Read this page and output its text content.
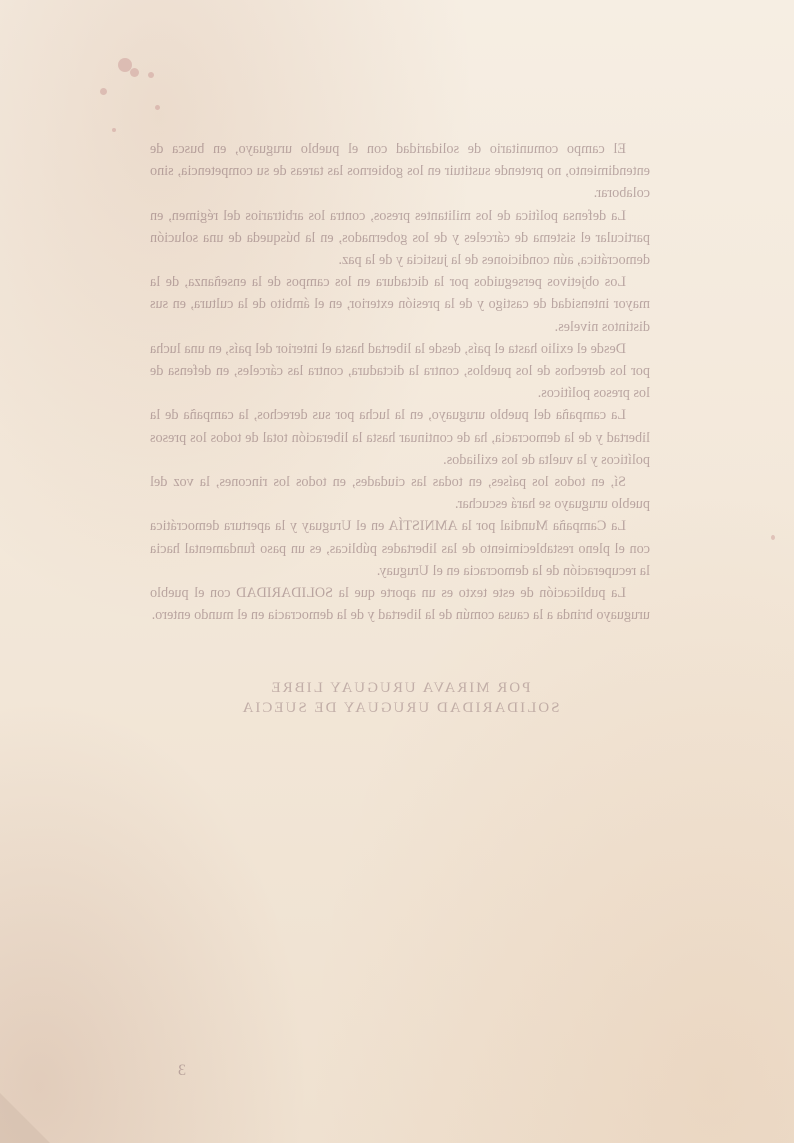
El campo comunitario de solidaridad con el pueblo uruguayo, en busca de entendimiento, no pretende sustituir en los gobiernos las tareas de su competencia, sino colaborar.

La defensa política de los militantes presos, contra los arbitrarios del régimen, en particular el sistema de cárceles y de los gobernados, en la búsqueda de una solución democrática, aún condiciones de la justicia y de la paz.

Los objetivos perseguidos por la dictadura en los campos de la enseñanza, de la mayor intensidad de castigo y de la presión exterior, en el ámbito de la cultura, en sus distintos niveles.

Desde el exilio hasta el país, desde la libertad hasta el interior del país, en una lucha por los derechos de los pueblos, contra la dictadura, contra las cárceles, en defensa de los presos políticos.

La campaña del pueblo uruguayo, en la lucha por sus derechos, la campaña de la libertad y de la democracia, ha de continuar hasta la liberación total de todos los presos políticos y la vuelta de los exiliados.

Sí, en todos los países, en todas las ciudades, en todos los rincones, la voz del pueblo uruguayo se hará escuchar.

La Campaña Mundial por la AMNISTÍA en el Uruguay y la apertura democrática con el pleno restablecimiento de las libertades públicas, es un paso fundamental hacia la recuperación de la democracia en el Uruguay.

La publicación de este texto es un aporte que la SOLIDARIDAD con el pueblo uruguayo brinda a la causa común de la libertad y de la democracia en el mundo entero.

POR MIRAVA URUGUAY LIBRE
SOLIDARIDAD URUGUAY DE SUECIA
3
